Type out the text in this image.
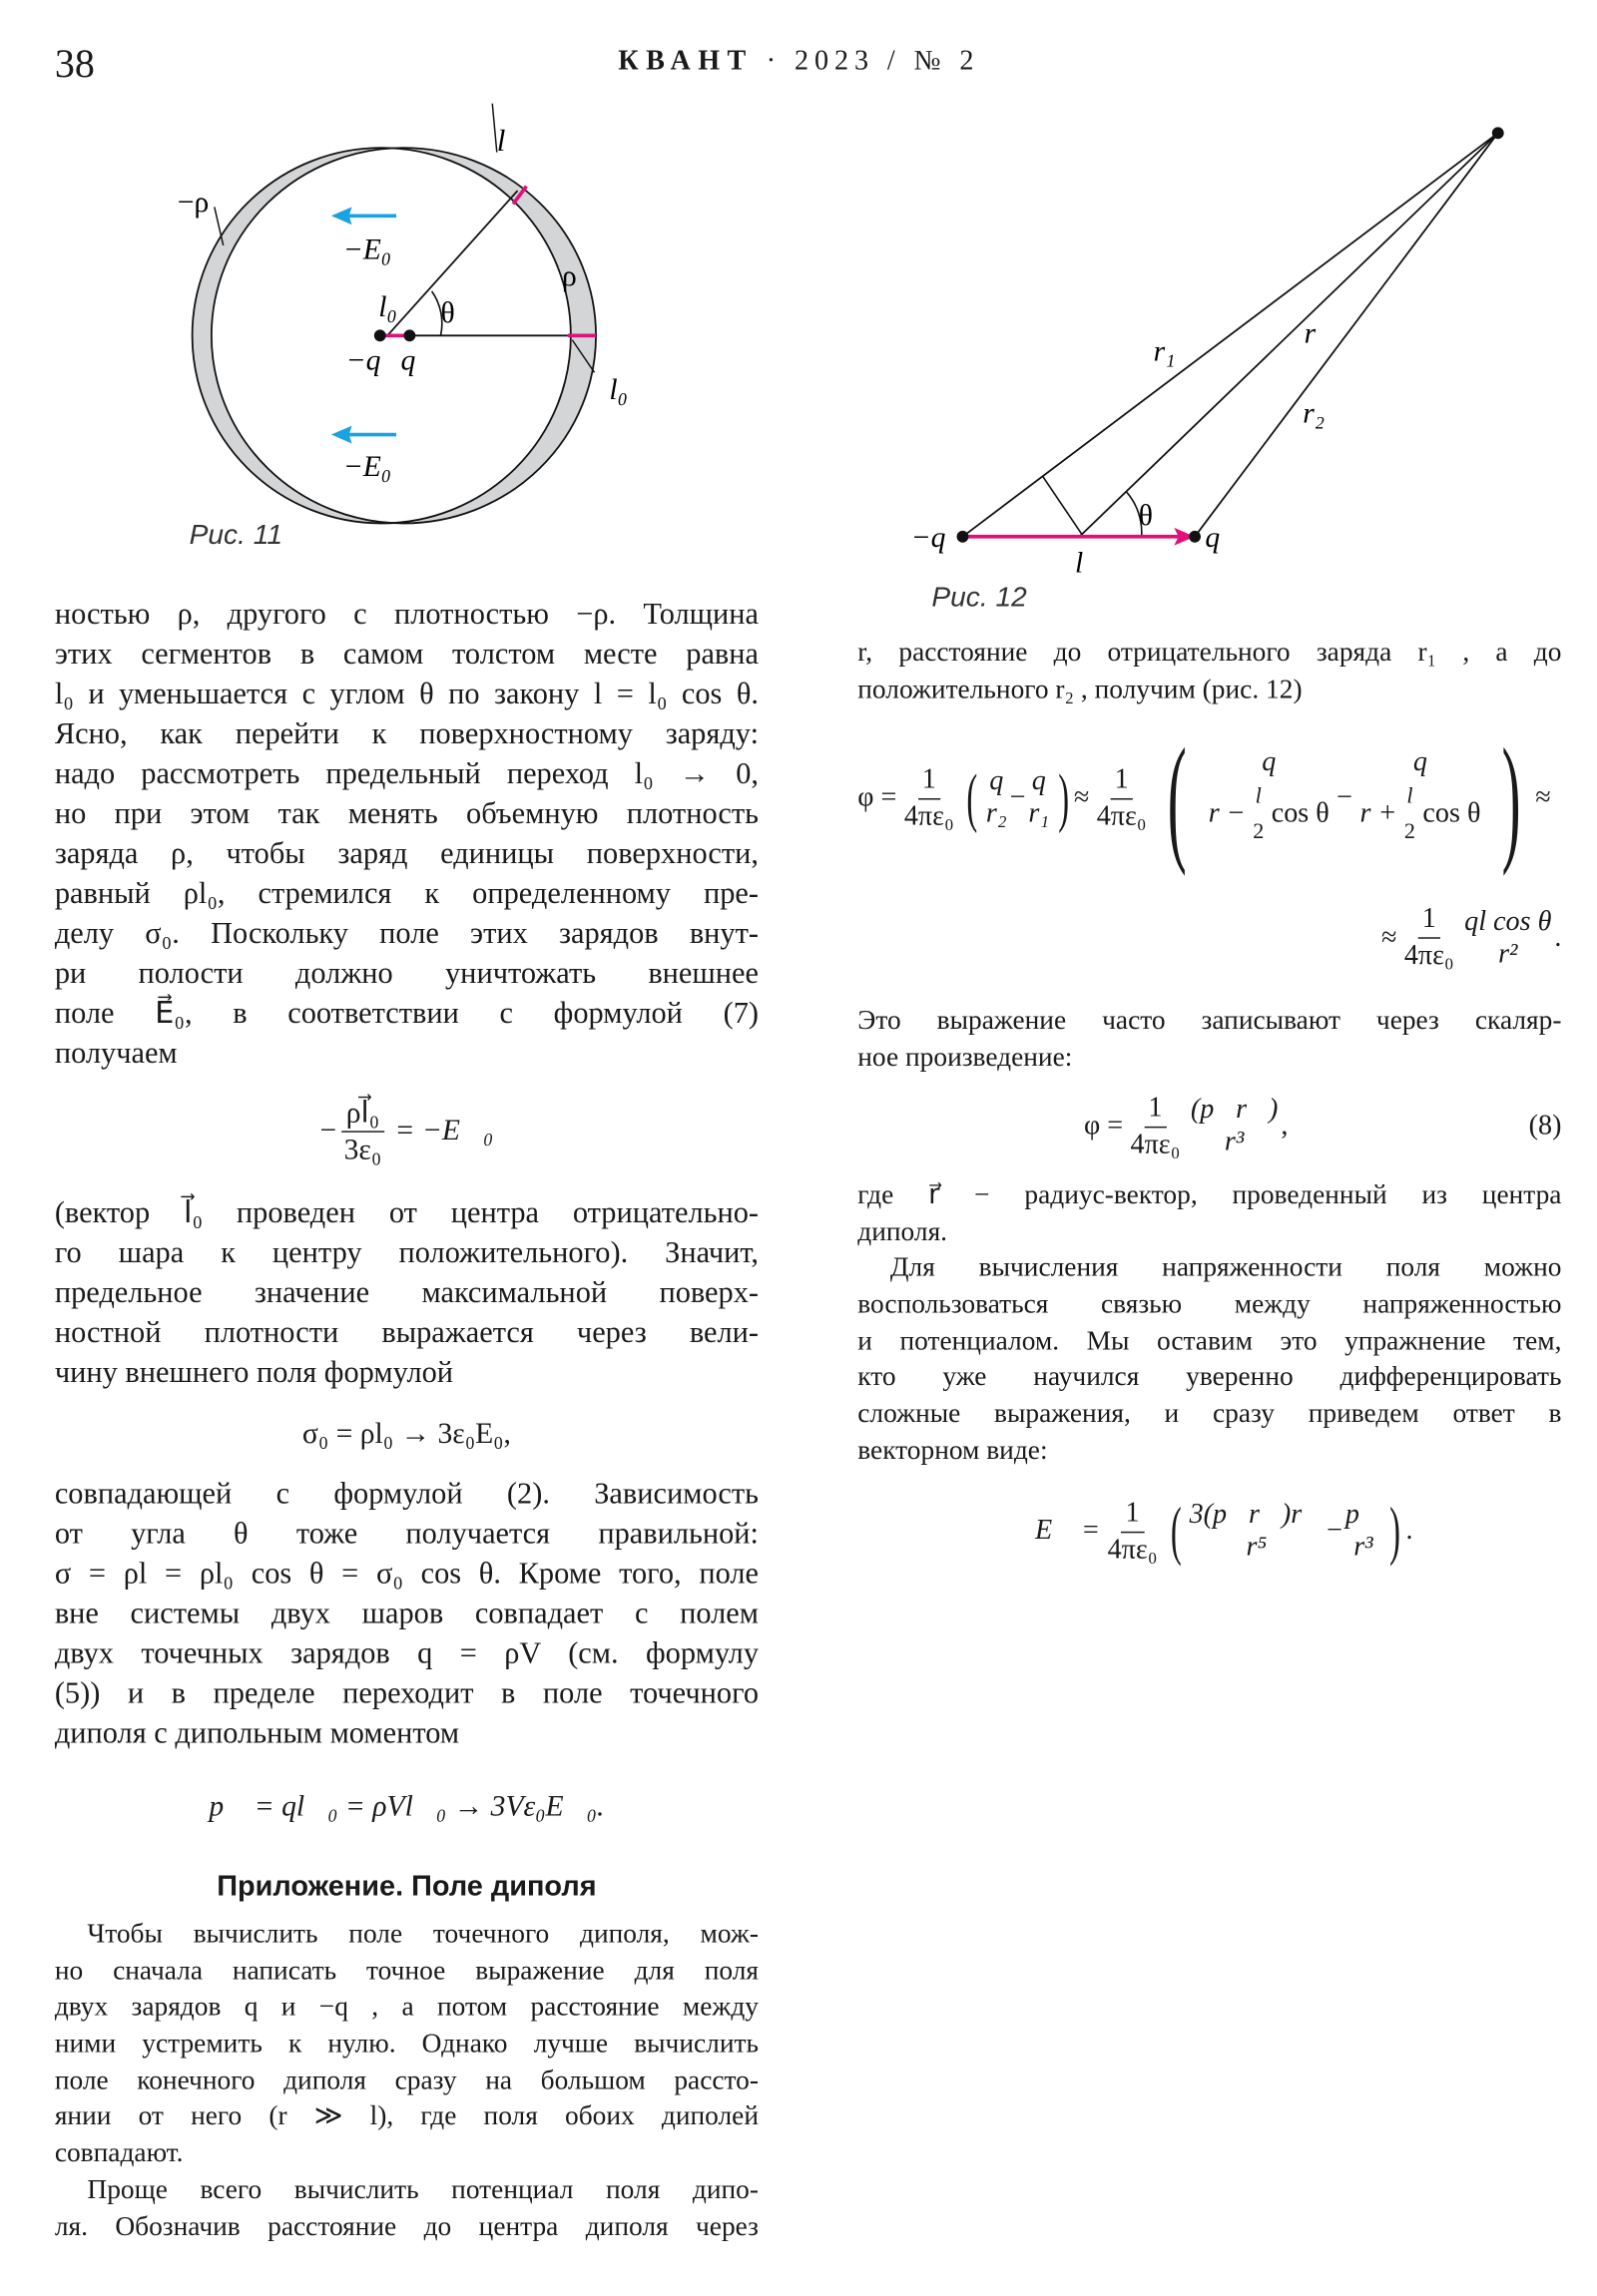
38	КВАНТ · 2023 / № 2
l
−ρ
ρ
−E₀
−E₀
l₀ θ
−q q
l₀
Рис. 11
r₁
r
r₂
θ
−q	q
l
Рис. 12
ностью ρ, другого с плотностью −ρ. Толщина
этих сегментов в самом толстом месте равна
l₀ и уменьшается с углом θ по закону l = l₀ cos θ.
Ясно, как перейти к поверхностному заряду:
надо рассмотреть предельный переход l₀ → 0,
но при этом так менять объемную плотность
заряда ρ, чтобы заряд единицы поверхности,
равный ρl₀, стремился к определенному пре-
делу σ₀. Поскольку поле этих зарядов внут-
ри полости должно уничтожать внешнее
поле E⃗₀, в соответствии с формулой (7)
получаем
− $\frac{\text{ρl⃗₀}}{\text{3ε₀}}$ = −E⃗₀
(вектор l⃗₀ проведен от центра отрицательно-
го шара к центру положительного). Значит,
предельное значение максимальной поверх-
ностной плотности выражается через вели-
чину внешнего поля формулой
σ₀ = ρl₀ → 3ε₀E₀,
совпадающей с формулой (2). Зависимость
от угла θ тоже получается правильной:
σ = ρl = ρl₀ cos θ = σ₀ cos θ. Кроме того, поле
вне системы двух шаров совпадает с полем
двух точечных зарядов q = ρV (см. формулу
(5)) и в пределе переходит в поле точечного
диполя с дипольным моментом
p⃗ = ql⃗₀ = ρVl⃗₀ → 3Vε₀E⃗₀.
Приложение. Поле диполя
Чтобы вычислить поле точечного диполя, мож-
но сначала написать точное выражение для поля
двух зарядов q и −q , а потом расстояние между
ними устремить к нулю. Однако лучше вычислить
поле конечного диполя сразу на большом рассто-
янии от него (r ≫ l), где поля обоих диполей
совпадают.
Проще всего вычислить потенциал поля дипо-
ля. Обозначив расстояние до центра диполя через
r, расстояние до отрицательного заряда r₁ , а до
положительного r₂ , получим (рис. 12)
$\varphi = \frac{1}{\text{4πε₀}}$ ( q
r₂
−
q
r₁ ) ≈ $\frac{1}{\text{4πε₀}}$ (	q
r −
l
2
cos θ
−
q
r +
l
2
cos θ ) ≈
≈ $\frac{1}{\text{4πε₀}}$ ql cos θ
r²
.
Это выражение часто записывают через скаляр-
ное произведение:
$\varphi = \frac{1}{\text{4πε₀}}$ (p⃗r⃗)
r³
,	(8)
где r⃗ − радиус-вектор, проведенный из центра
диполя.
Для вычисления напряженности поля можно
воспользоваться связью между напряженностью
и потенциалом. Мы оставим это упражнение тем,
кто уже научился уверенно дифференцировать
сложные выражения, и сразу приведем ответ в
векторном виде:
E⃗ = $\frac{1}{\text{4πε₀}}$ ( 3(p⃗r⃗)r⃗
r⁵
−
p⃗
r³ ) .
